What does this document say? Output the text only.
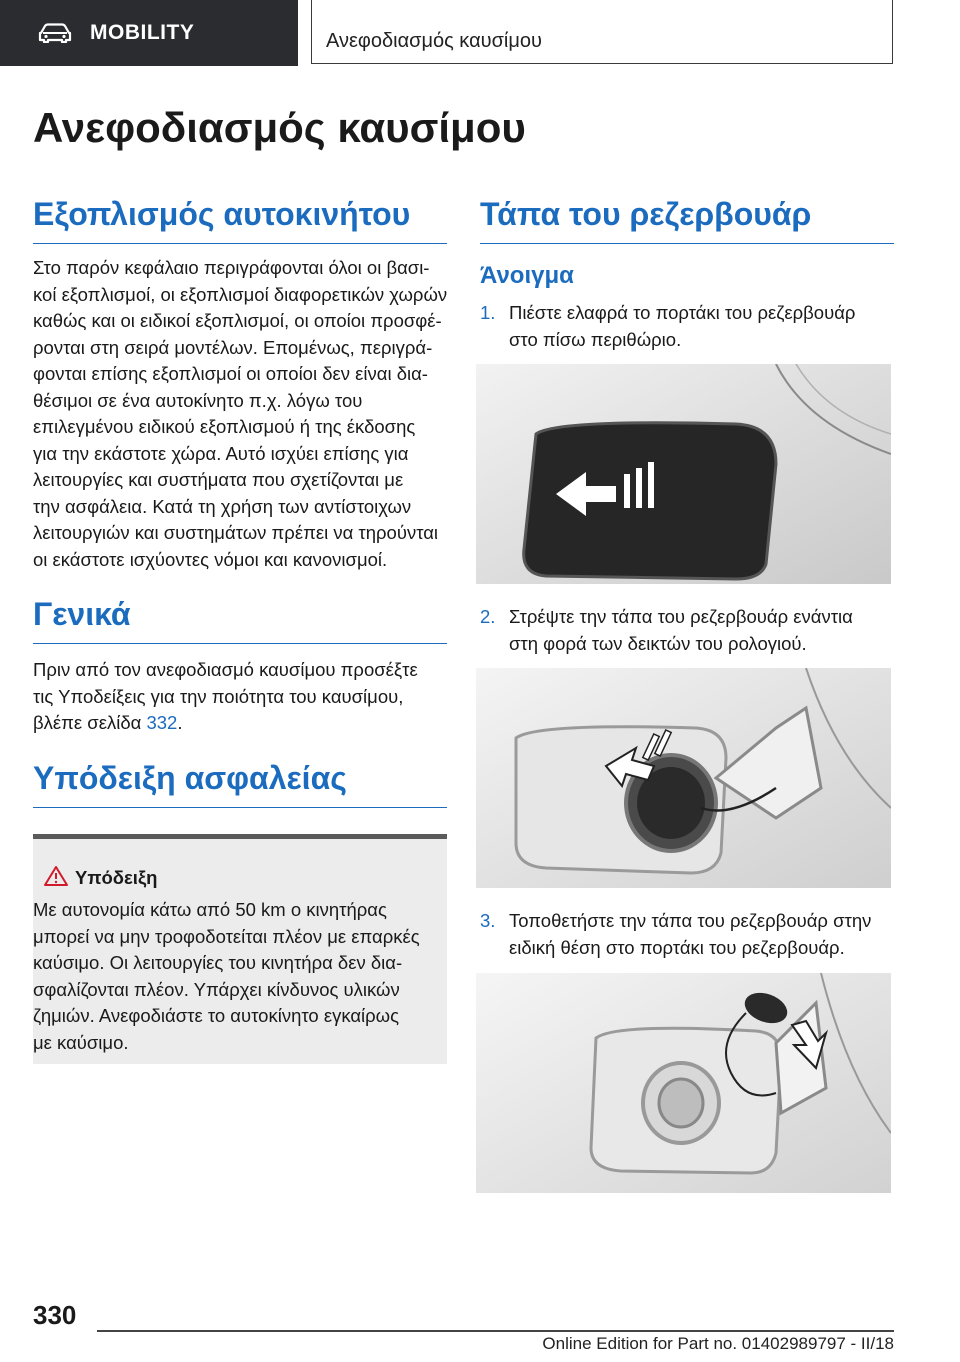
MOBILITY	Ανεφοδιασμός καυσίμου
Ανεφοδιασμός καυσίμου
Εξοπλισμός αυτοκινήτου
Στο παρόν κεφάλαιο περιγράφονται όλοι οι βασι-
κοί εξοπλισμοί, οι εξοπλισμοί διαφορετικών χωρών
καθώς και οι ειδικοί εξοπλισμοί, οι οποίοι προσφέ-
ρονται στη σειρά μοντέλων. Επομένως, περιγρά-
φονται επίσης εξοπλισμοί οι οποίοι δεν είναι δια-
θέσιμοι σε ένα αυτοκίνητο π.χ. λόγω του
επιλεγμένου ειδικού εξοπλισμού ή της έκδοσης
για την εκάστοτε χώρα. Αυτό ισχύει επίσης για
λειτουργίες και συστήματα που σχετίζονται με
την ασφάλεια. Κατά τη χρήση των αντίστοιχων
λειτουργιών και συστημάτων πρέπει να τηρούνται
οι εκάστοτε ισχύοντες νόμοι και κανονισμοί.
Γενικά
Πριν από τον ανεφοδιασμό καυσίμου προσέξτε
τις Υποδείξεις για την ποιότητα του καυσίμου,
βλέπε σελίδα 332.
Υπόδειξη ασφαλείας
Υπόδειξη
Με αυτονομία κάτω από 50 km ο κινητήρας
μπορεί να μην τροφοδοτείται πλέον με επαρκές
καύσιμο. Οι λειτουργίες του κινητήρα δεν δια-
σφαλίζονται πλέον. Υπάρχει κίνδυνος υλικών
ζημιών. Ανεφοδιάστε το αυτοκίνητο εγκαίρως
με καύσιμο.
Τάπα του ρεζερβουάρ
Άνοιγμα
1. Πιέστε ελαφρά το πορτάκι του ρεζερβουάρ
στο πίσω περιθώριο.
2. Στρέψτε την τάπα του ρεζερβουάρ ενάντια
στη φορά των δεικτών του ρολογιού.
3. Τοποθετήστε την τάπα του ρεζερβουάρ στην
ειδική θέση στο πορτάκι του ρεζερβουάρ.
330
Online Edition for Part no. 01402989797 - II/18
